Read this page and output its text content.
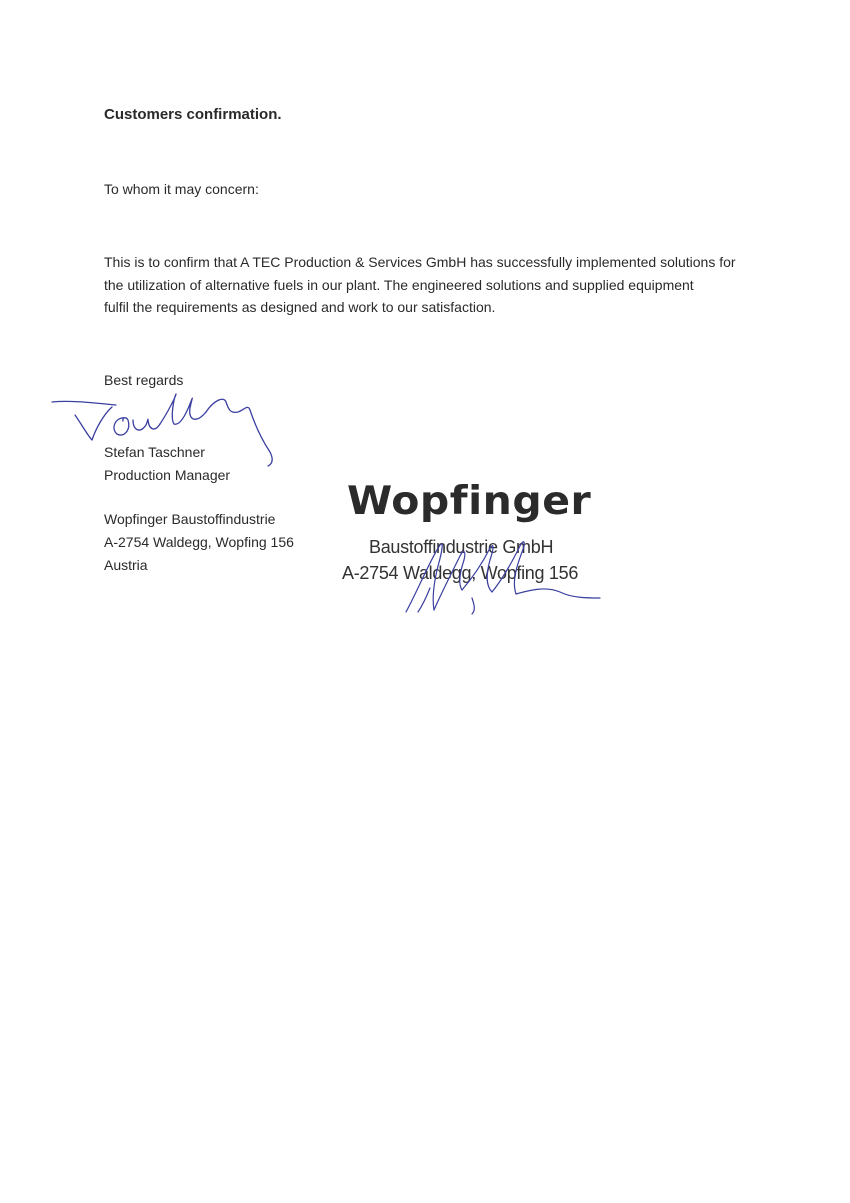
Customers confirmation.
To whom it may concern:
This is to confirm that A TEC Production & Services GmbH has successfully implemented solutions for
the utilization of alternative fuels in our plant. The engineered solutions and supplied equipment
fulfil the requirements as designed and work to our satisfaction.
Best regards
Stefan Taschner
Production Manager
Wopfinger Baustoffindustrie
A-2754 Waldegg, Wopfing 156
Austria
Wopfinger
Baustoffindustrie GmbH
A-2754 Waldegg, Wopfing 156
